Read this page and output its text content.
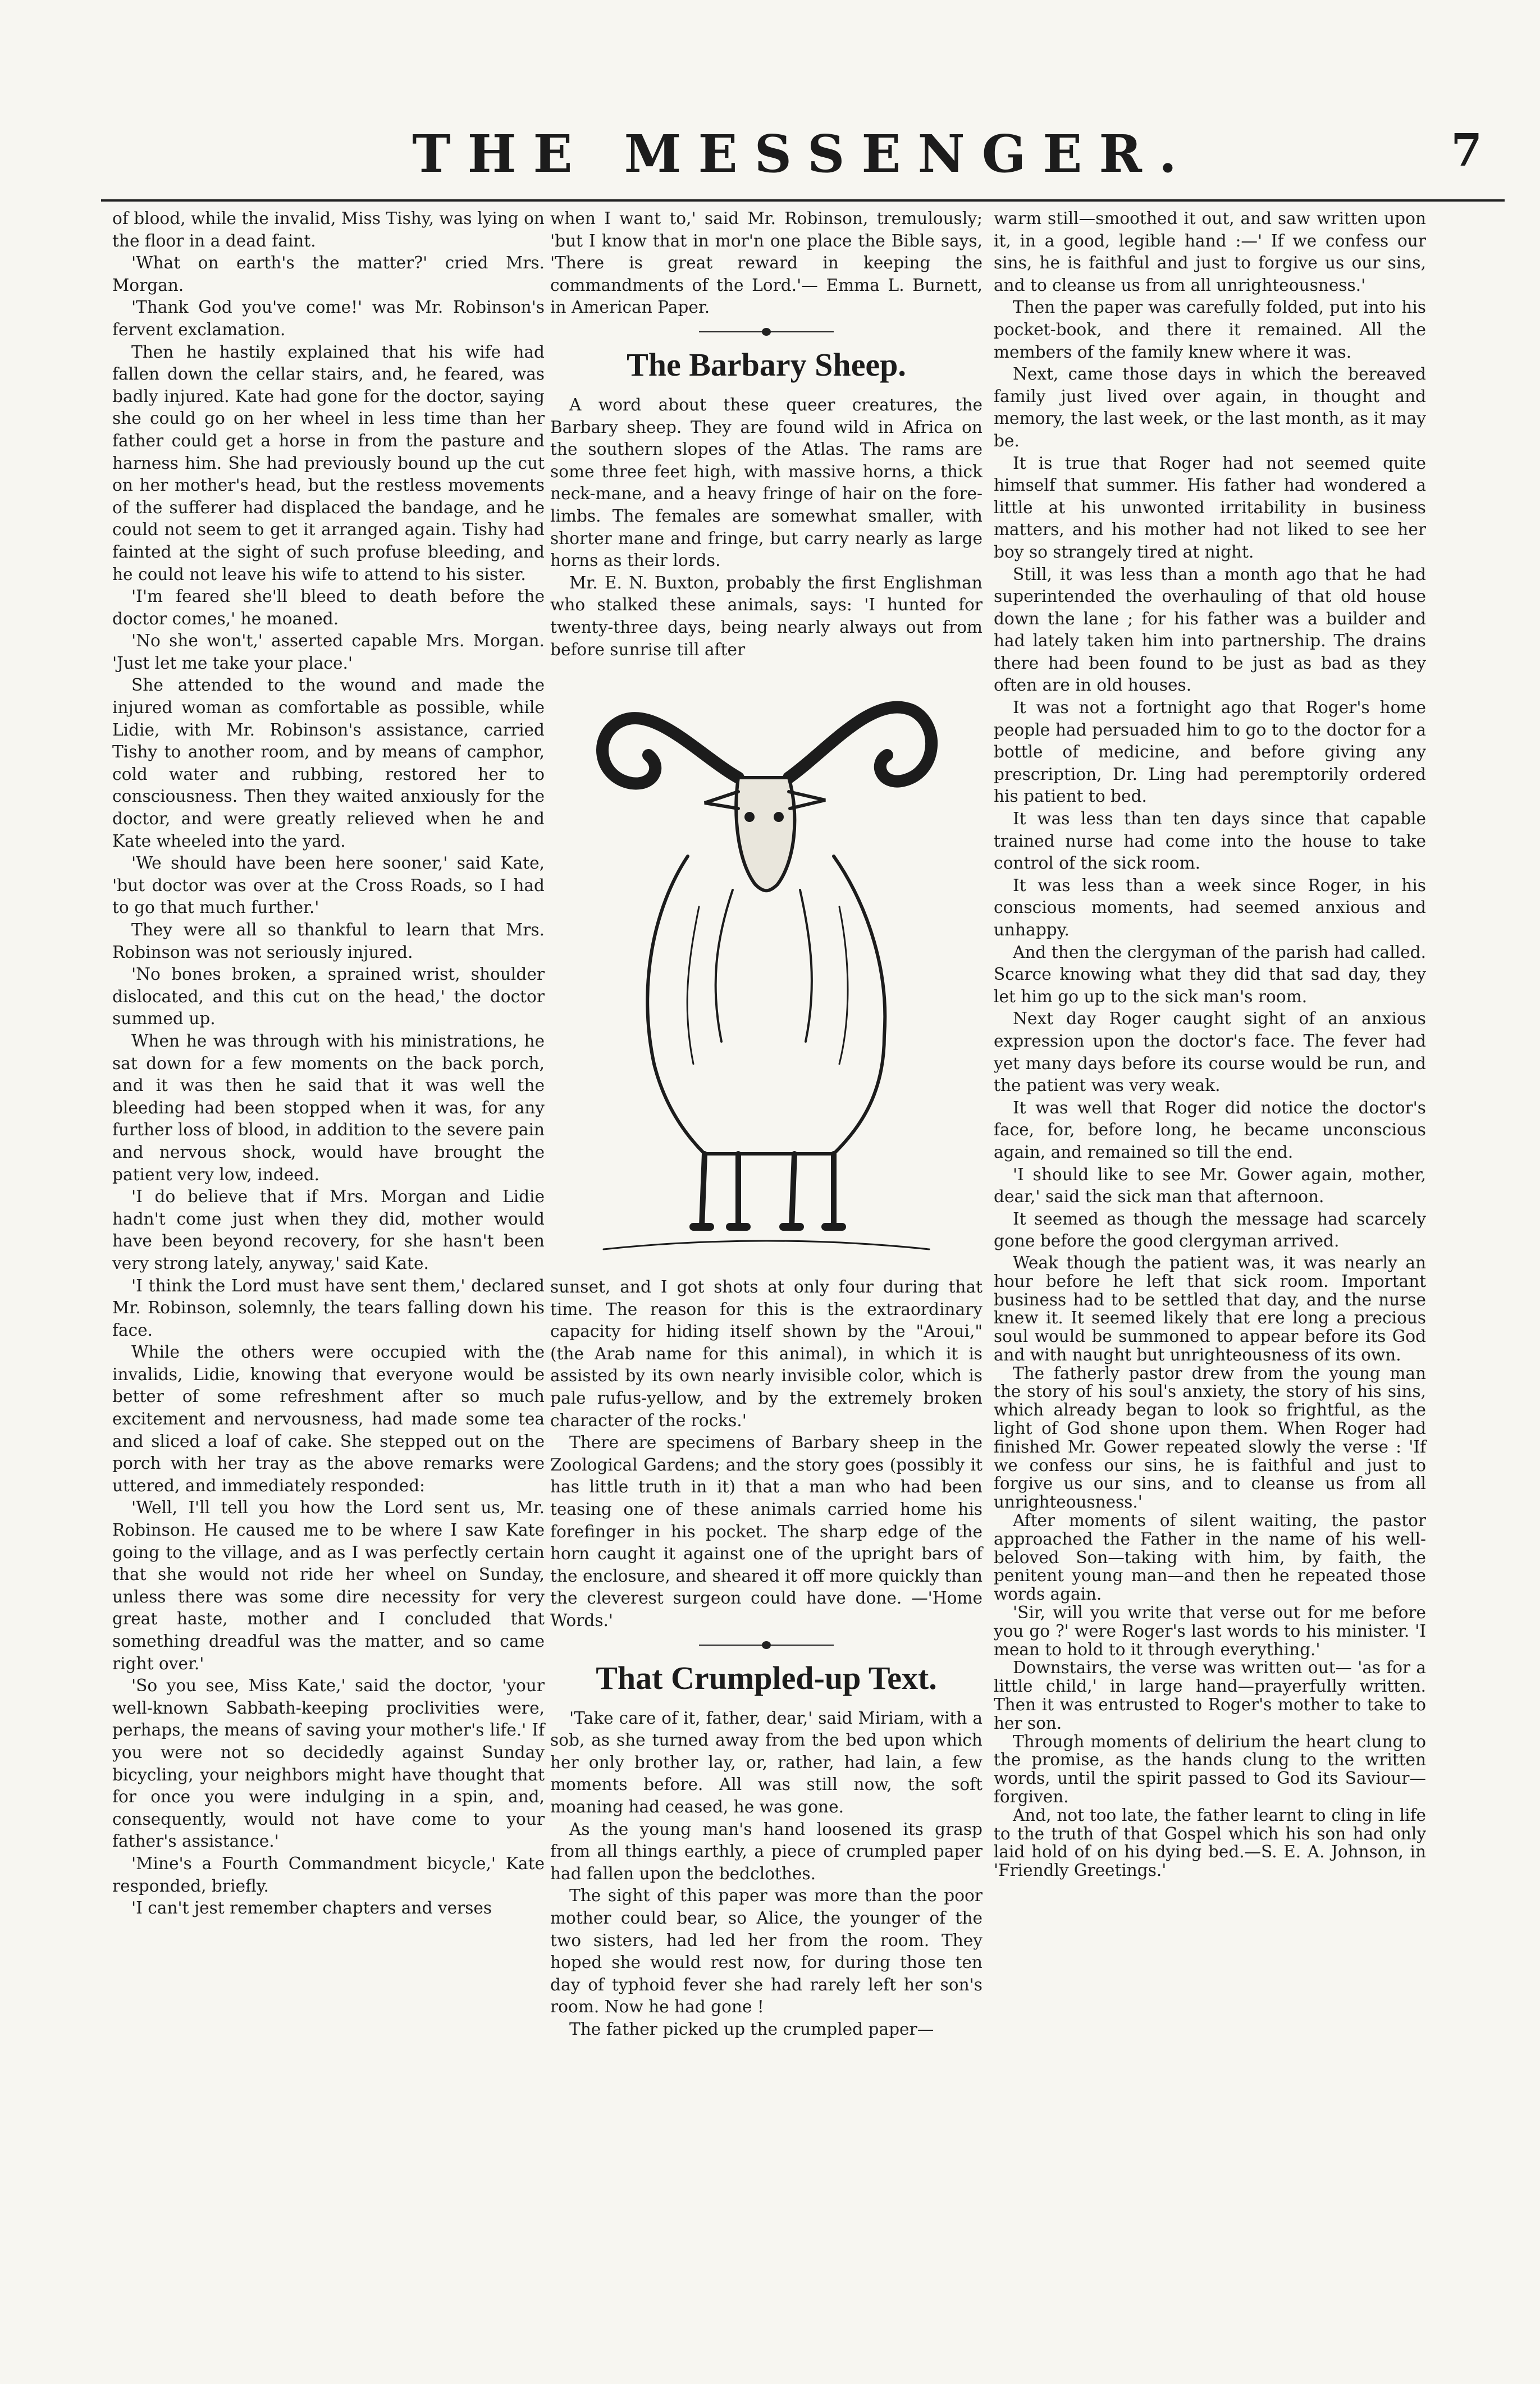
THE MESSENGER.	7

of blood, while the invalid, Miss Tishy, was lying on the floor in a dead faint.

'What on earth's the matter?' cried Mrs. Morgan.

'Thank God you've come!' was Mr. Robinson's fervent exclamation.

Then he hastily explained that his wife had fallen down the cellar stairs, and, he feared, was badly injured. Kate had gone for the doctor, saying she could go on her wheel in less time than her father could get a horse in from the pasture and harness him. She had previously bound up the cut on her mother's head, but the restless movements of the sufferer had displaced the bandage, and he could not seem to get it arranged again. Tishy had fainted at the sight of such profuse bleeding, and he could not leave his wife to attend to his sister.

'I'm feared she'll bleed to death before the doctor comes,' he moaned.

'No she won't,' asserted capable Mrs. Morgan. 'Just let me take your place.'

She attended to the wound and made the injured woman as comfortable as possible, while Lidie, with Mr. Robinson's assistance, carried Tishy to another room, and by means of camphor, cold water and rubbing, restored her to consciousness. Then they waited anxiously for the doctor, and were greatly relieved when he and Kate wheeled into the yard.

'We should have been here sooner,' said Kate, 'but doctor was over at the Cross Roads, so I had to go that much further.'

They were all so thankful to learn that Mrs. Robinson was not seriously injured.

'No bones broken, a sprained wrist, shoulder dislocated, and this cut on the head,' the doctor summed up.

When he was through with his ministrations, he sat down for a few moments on the back porch, and it was then he said that it was well the bleeding had been stopped when it was, for any further loss of blood, in addition to the severe pain and nervous shock, would have brought the patient very low, indeed.

'I do believe that if Mrs. Morgan and Lidie hadn't come just when they did, mother would have been beyond recovery, for she hasn't been very strong lately, anyway,' said Kate.

'I think the Lord must have sent them,' declared Mr. Robinson, solemnly, the tears falling down his face.

While the others were occupied with the invalids, Lidie, knowing that everyone would be better of some refreshment after so much excitement and nervousness, had made some tea and sliced a loaf of cake. She stepped out on the porch with her tray as the above remarks were uttered, and immediately responded:

'Well, I'll tell you how the Lord sent us, Mr. Robinson. He caused me to be where I saw Kate going to the village, and as I was perfectly certain that she would not ride her wheel on Sunday, unless there was some dire necessity for very great haste, mother and I concluded that something dreadful was the matter, and so came right over.'

'So you see, Miss Kate,' said the doctor, 'your well-known Sabbath-keeping proclivities were, perhaps, the means of saving your mother's life.' If you were not so decidedly against Sunday bicycling, your neighbors might have thought that for once you were indulging in a spin, and, consequently, would not have come to your father's assistance.'

'Mine's a Fourth Commandment bicycle,' Kate responded, briefly.

'I can't jest remember chapters and verses

when I want to,' said Mr. Robinson, tremulously; 'but I know that in mor'n one place the Bible says, 'There is great reward in keeping the commandments of the Lord.'— Emma L. Burnett, in American Paper.

The Barbary Sheep.

A word about these queer creatures, the Barbary sheep. They are found wild in Africa on the southern slopes of the Atlas. The rams are some three feet high, with massive horns, a thick neck-mane, and a heavy fringe of hair on the fore-limbs. The females are somewhat smaller, with shorter mane and fringe, but carry nearly as large horns as their lords.

Mr. E. N. Buxton, probably the first Englishman who stalked these animals, says: 'I hunted for twenty-three days, being nearly always out from before sunrise till after

sunset, and I got shots at only four during that time. The reason for this is the extraordinary capacity for hiding itself shown by the "Aroui," (the Arab name for this animal), in which it is assisted by its own nearly invisible color, which is pale rufus-yellow, and by the extremely broken character of the rocks.'

There are specimens of Barbary sheep in the Zoological Gardens; and the story goes (possibly it has little truth in it) that a man who had been teasing one of these animals carried home his forefinger in his pocket. The sharp edge of the horn caught it against one of the upright bars of the enclosure, and sheared it off more quickly than the cleverest surgeon could have done. —'Home Words.'

That Crumpled-up Text.

'Take care of it, father, dear,' said Miriam, with a sob, as she turned away from the bed upon which her only brother lay, or, rather, had lain, a few moments before. All was still now, the soft moaning had ceased, he was gone.

As the young man's hand loosened its grasp from all things earthly, a piece of crumpled paper had fallen upon the bedclothes.

The sight of this paper was more than the poor mother could bear, so Alice, the younger of the two sisters, had led her from the room. They hoped she would rest now, for during those ten day of typhoid fever she had rarely left her son's room. Now he had gone !

The father picked up the crumpled paper—

warm still—smoothed it out, and saw written upon it, in a good, legible hand :—' If we confess our sins, he is faithful and just to forgive us our sins, and to cleanse us from all unrighteousness.'

Then the paper was carefully folded, put into his pocket-book, and there it remained. All the members of the family knew where it was.

Next, came those days in which the bereaved family just lived over again, in thought and memory, the last week, or the last month, as it may be.

It is true that Roger had not seemed quite himself that summer. His father had wondered a little at his unwonted irritability in business matters, and his mother had not liked to see her boy so strangely tired at night.

Still, it was less than a month ago that he had superintended the overhauling of that old house down the lane ; for his father was a builder and had lately taken him into partnership. The drains there had been found to be just as bad as they often are in old houses.

It was not a fortnight ago that Roger's home people had persuaded him to go to the doctor for a bottle of medicine, and before giving any prescription, Dr. Ling had peremptorily ordered his patient to bed.

It was less than ten days since that capable trained nurse had come into the house to take control of the sick room.

It was less than a week since Roger, in his conscious moments, had seemed anxious and unhappy.

And then the clergyman of the parish had called. Scarce knowing what they did that sad day, they let him go up to the sick man's room.

Next day Roger caught sight of an anxious expression upon the doctor's face. The fever had yet many days before its course would be run, and the patient was very weak.

It was well that Roger did notice the doctor's face, for, before long, he became unconscious again, and remained so till the end.

'I should like to see Mr. Gower again, mother, dear,' said the sick man that afternoon.

It seemed as though the message had scarcely gone before the good clergyman arrived.

Weak though the patient was, it was nearly an hour before he left that sick room. Important business had to be settled that day, and the nurse knew it. It seemed likely that ere long a precious soul would be summoned to appear before its God and with naught but unrighteousness of its own.

The fatherly pastor drew from the young man the story of his soul's anxiety, the story of his sins, which already began to look so frightful, as the light of God shone upon them. When Roger had finished Mr. Gower repeated slowly the verse : 'If we confess our sins, he is faithful and just to forgive us our sins, and to cleanse us from all unrighteousness.'

After moments of silent waiting, the pastor approached the Father in the name of his well-beloved Son—taking with him, by faith, the penitent young man—and then he repeated those words again.

'Sir, will you write that verse out for me before you go ?' were Roger's last words to his minister. 'I mean to hold to it through everything.'

Downstairs, the verse was written out— 'as for a little child,' in large hand—prayerfully written. Then it was entrusted to Roger's mother to take to her son.

Through moments of delirium the heart clung to the promise, as the hands clung to the written words, until the spirit passed to God its Saviour—forgiven.

And, not too late, the father learnt to cling in life to the truth of that Gospel which his son had only laid hold of on his dying bed.—S. E. A. Johnson, in 'Friendly Greetings.'
